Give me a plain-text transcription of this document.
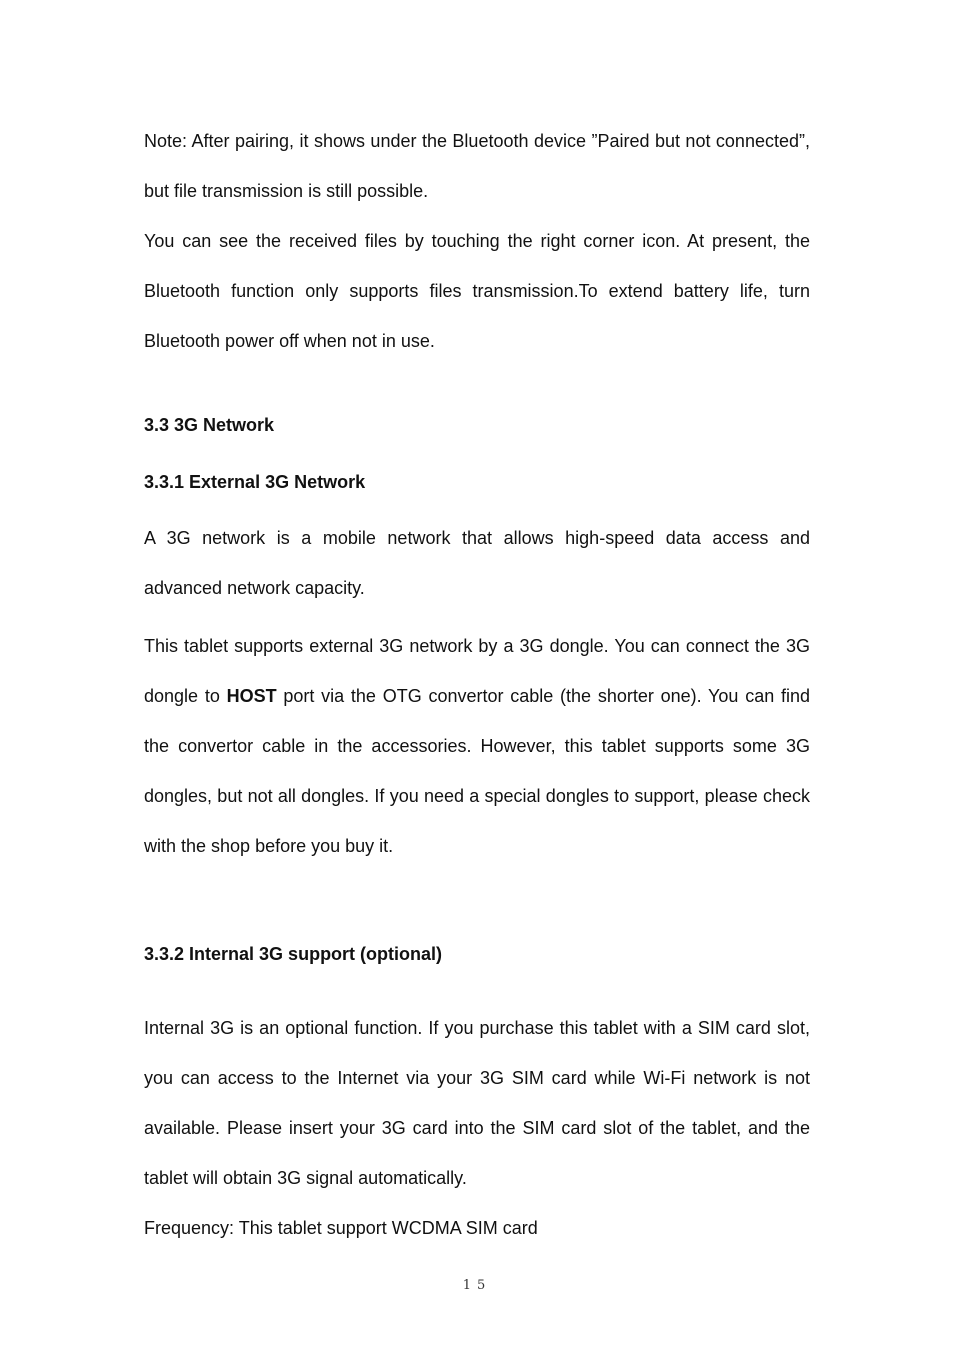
Note: After pairing, it shows under the Bluetooth device ”Paired but not connected”, but file transmission is still possible.

You can see the received files by touching the right corner icon. At present, the Bluetooth function only supports files transmission.To extend battery life, turn Bluetooth power off when not in use.

3.3 3G Network
3.3.1 External 3G Network

A 3G network is a mobile network that allows high-speed data access and advanced network capacity.

This tablet supports external 3G network by a 3G dongle. You can connect the 3G dongle to HOST port via the OTG convertor cable (the shorter one). You can find the convertor cable in the accessories. However, this tablet supports some 3G dongles, but not all dongles. If you need a special dongles to support, please check with the shop before you buy it.

3.3.2 Internal 3G support (optional)

Internal 3G is an optional function. If you purchase this tablet with a SIM card slot, you can access to the Internet via your 3G SIM card while Wi-Fi network is not available. Please insert your 3G card into the SIM card slot of the tablet, and the tablet will obtain 3G signal automatically.

Frequency: This tablet support WCDMA SIM card

15
